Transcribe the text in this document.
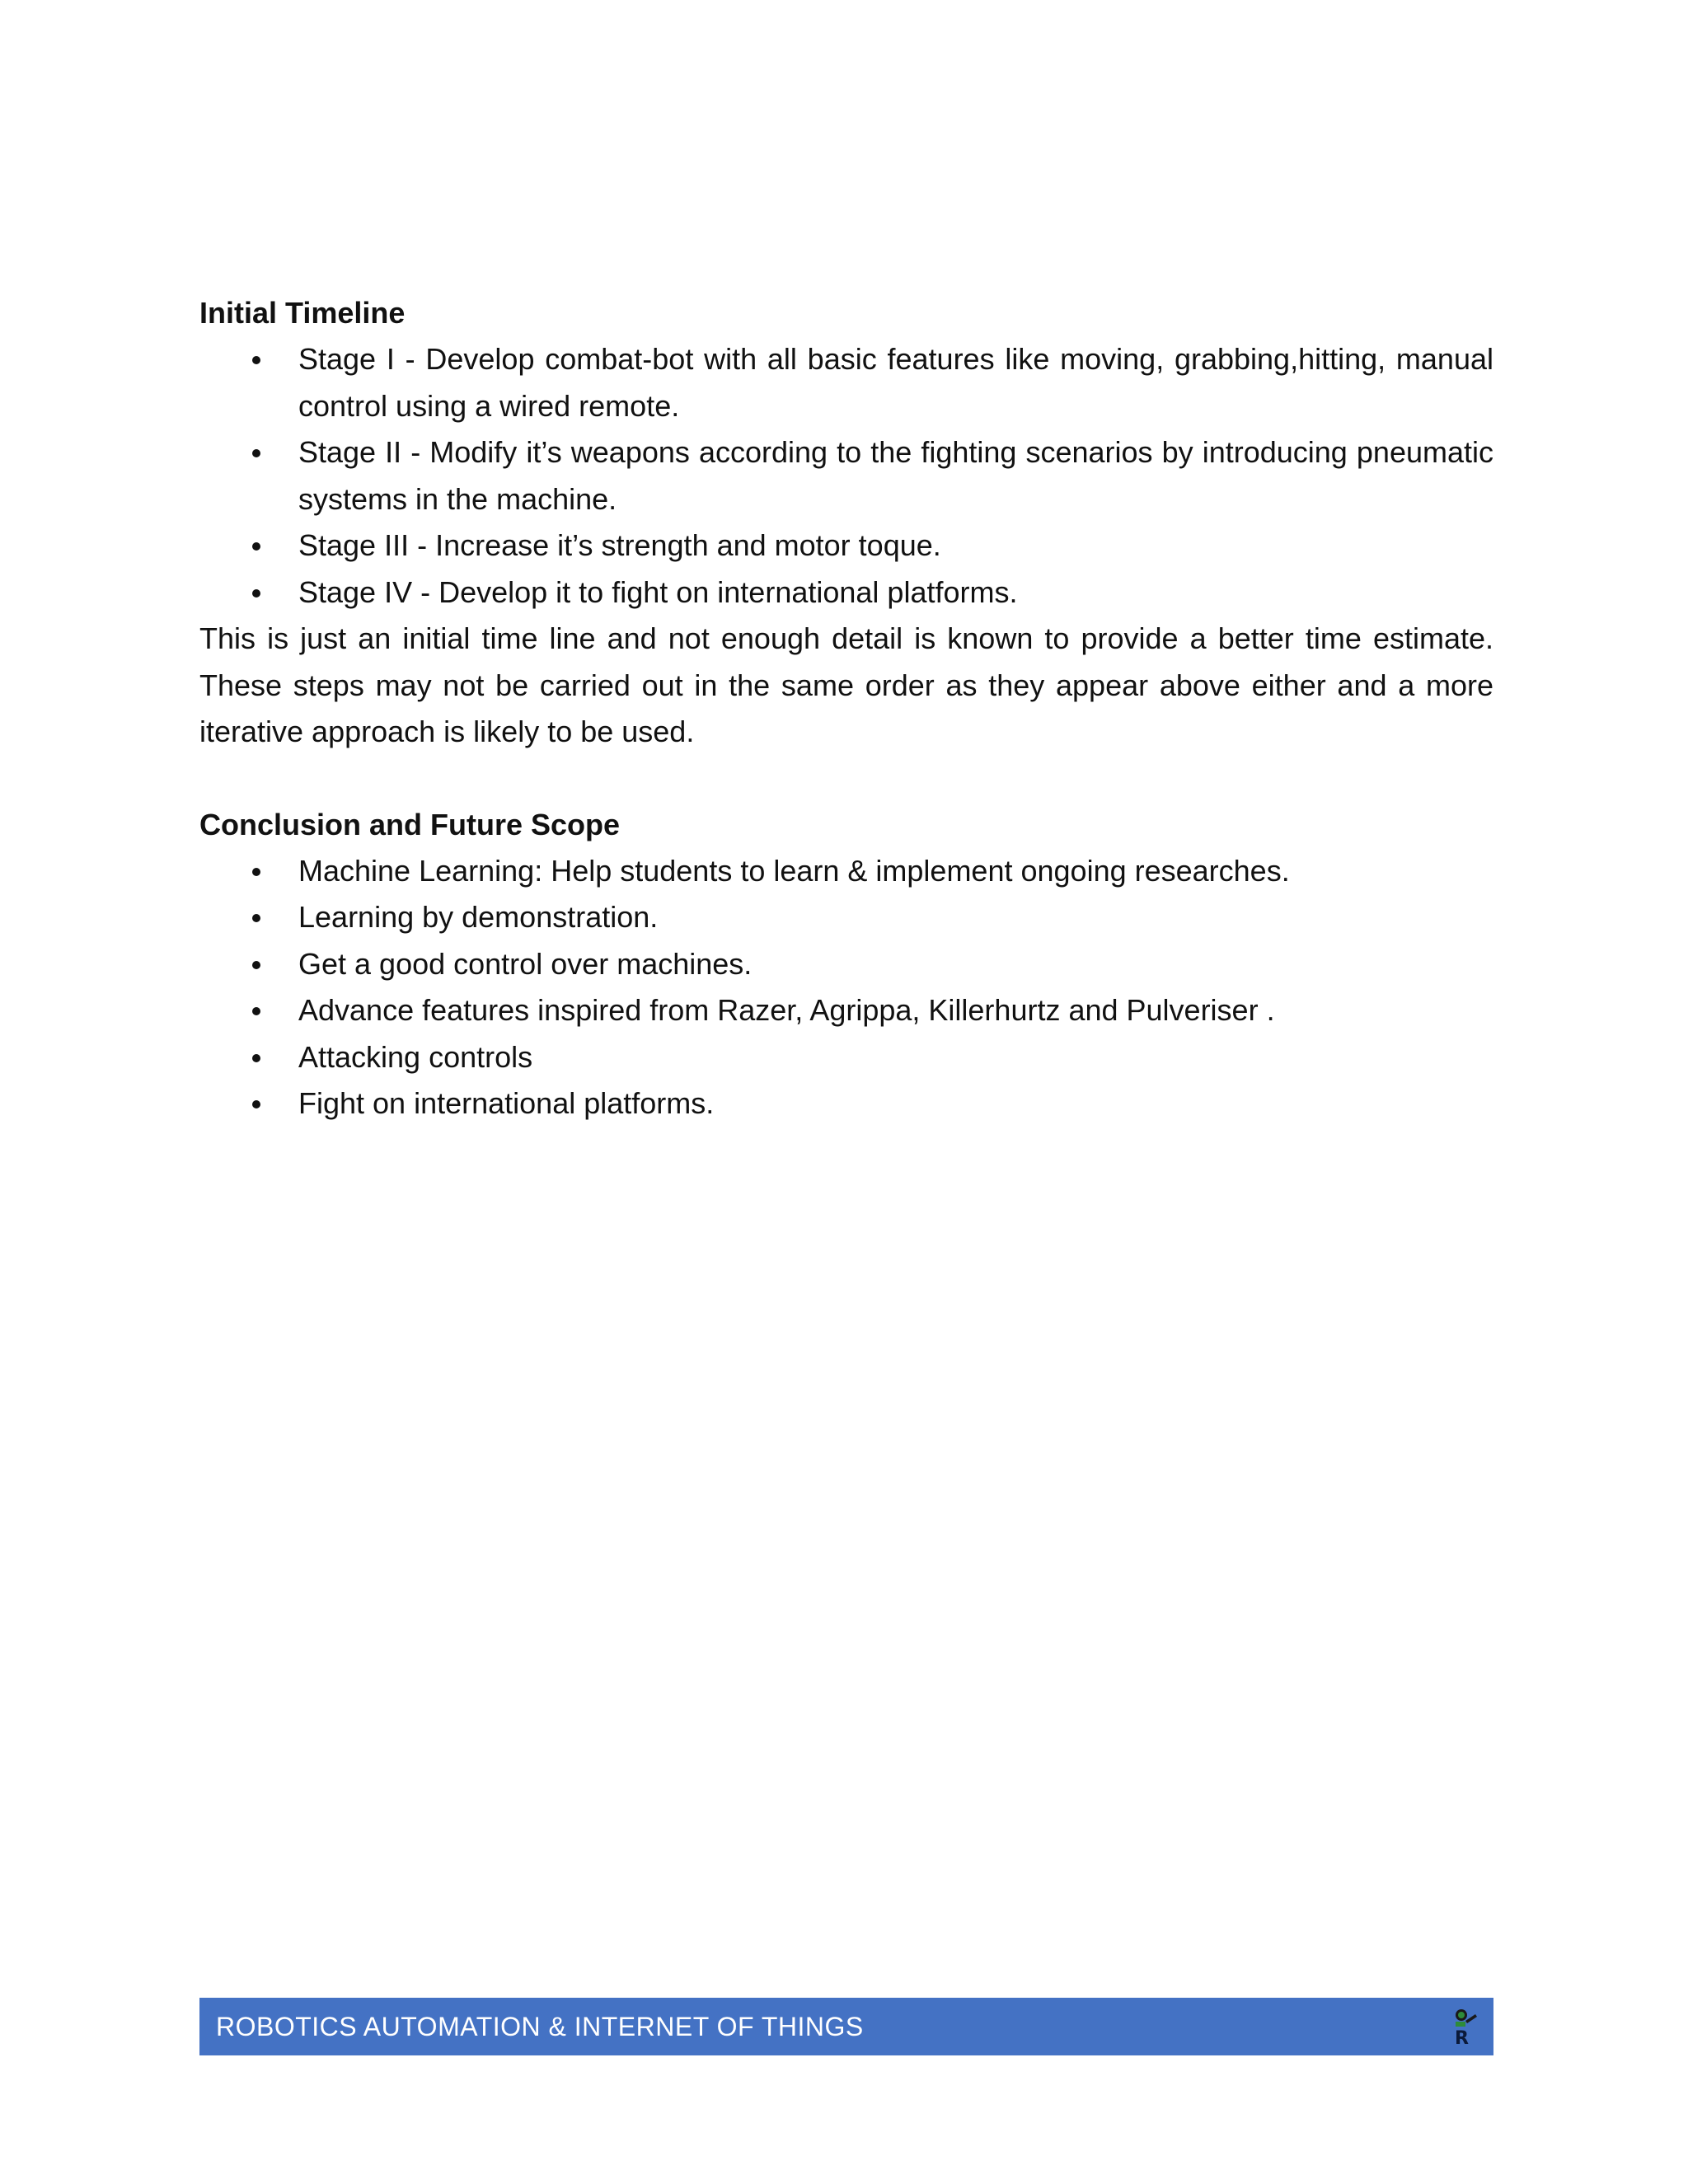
Initial Timeline

Stage I - Develop combat-bot with all basic features like moving, grabbing,hitting, manual control using a wired remote.
Stage II - Modify it’s weapons according to the fighting scenarios by introducing pneumatic systems in the machine.
Stage III - Increase it’s strength and motor toque.
Stage IV - Develop it to fight on international platforms.

This is just an initial time line and not enough detail is known to provide a better time estimate. These steps may not be carried out in the same order as they appear above either and a more iterative approach is likely to be used.

Conclusion and Future Scope

Machine Learning: Help students to learn & implement ongoing researches.
Learning by demonstration.
Get a good control over machines.
Advance features inspired from Razer, Agrippa, Killerhurtz and Pulveriser .
Attacking controls
Fight on international platforms.
ROBOTICS AUTOMATION & INTERNET OF THINGS	R
